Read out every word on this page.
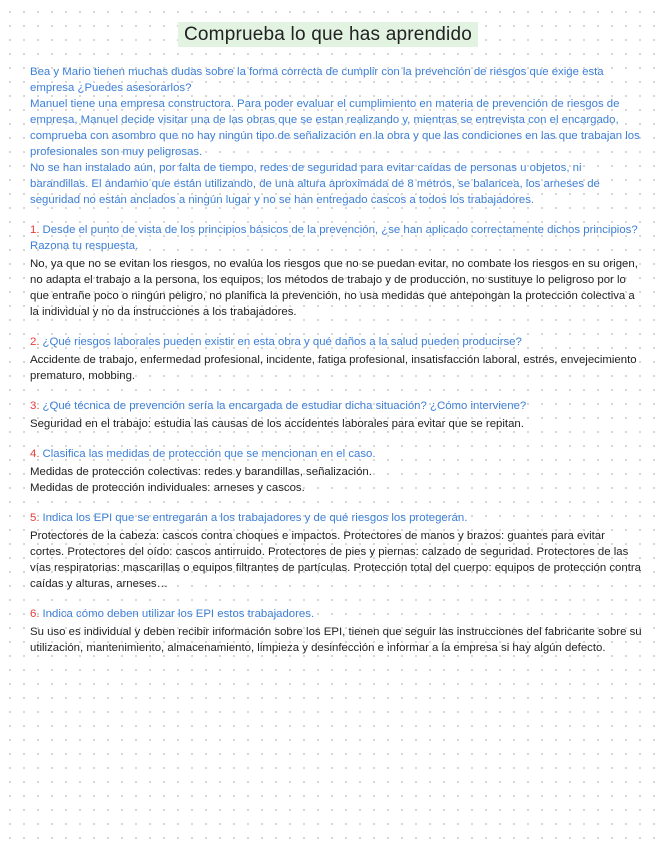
Comprueba lo que has aprendido

Bea y Mario tienen muchas dudas sobre la forma correcta de cumplir con la prevención de riesgos que exige esta empresa ¿Puedes asesorarlos?

Manuel tiene una empresa constructora. Para poder evaluar el cumplimiento en materia de prevención de riesgos de empresa, Manuel decide visitar una de las obras que se estan realizando y, mientras se entrevista con el encargado, comprueba con asombro que no hay ningún tipo de señalización en la obra y que las condiciones en las que trabajan los profesionales son muy peligrosas.

No se han instalado aún, por falta de tiempo, redes de seguridad para evitar caídas de personas u objetos, ni barandillas. El andamio que están utilizando, de una altura aproximada de 8 metros, se balancea, los arneses de seguridad no están anclados a ningún lugar y no se han entregado cascos a todos los trabajadores.

1. Desde el punto de vista de los principios básicos de la prevención, ¿se han aplicado correctamente dichos principios? Razona tu respuesta.

No, ya que no se evitan los riesgos, no evalúa los riesgos que no se puedan evitar, no combate los riesgos en su origen, no adapta el trabajo a la persona, los equipos, los métodos de trabajo y de producción, no sustituye lo peligroso por lo que entrañe poco o ningún peligro, no planifica la prevención, no usa medidas que antepongan la protección colectiva a la individual y no da instrucciones a los trabajadores.

2. ¿Qué riesgos laborales pueden existir en esta obra y qué daños a la salud pueden producirse?

Accidente de trabajo, enfermedad profesional, incidente, fatiga profesional, insatisfacción laboral, estrés, envejecimiento prematuro, mobbing.

3. ¿Qué técnica de prevención sería la encargada de estudiar dicha situación? ¿Cómo interviene?

Seguridad en el trabajo: estudia las causas de los accidentes laborales para evitar que se repitan.

4. Clasifica las medidas de protección que se mencionan en el caso.

Medidas de protección colectivas: redes y barandillas, señalización.

Medidas de protección individuales: arneses y cascos.

5. Indica los EPI que se entregarán a los trabajadores y de qué riesgos los protegerán.

Protectores de la cabeza: cascos contra choques e impactos. Protectores de manos y brazos: guantes para evitar cortes. Protectores del oído: cascos antirruido. Protectores de pies y piernas: calzado de seguridad. Protectores de las vías respiratorias: mascarillas o equipos filtrantes de partículas. Protección total del cuerpo: equipos de protección contra caídas y alturas, arneses…

6. Indica cómo deben utilizar los EPI estos trabajadores.

Su uso es individual y deben recibir información sobre los EPI, tienen que seguir las instrucciones del fabricante sobre su utilización, mantenimiento, almacenamiento, limpieza y desinfección e informar a la empresa si hay algún defecto.
